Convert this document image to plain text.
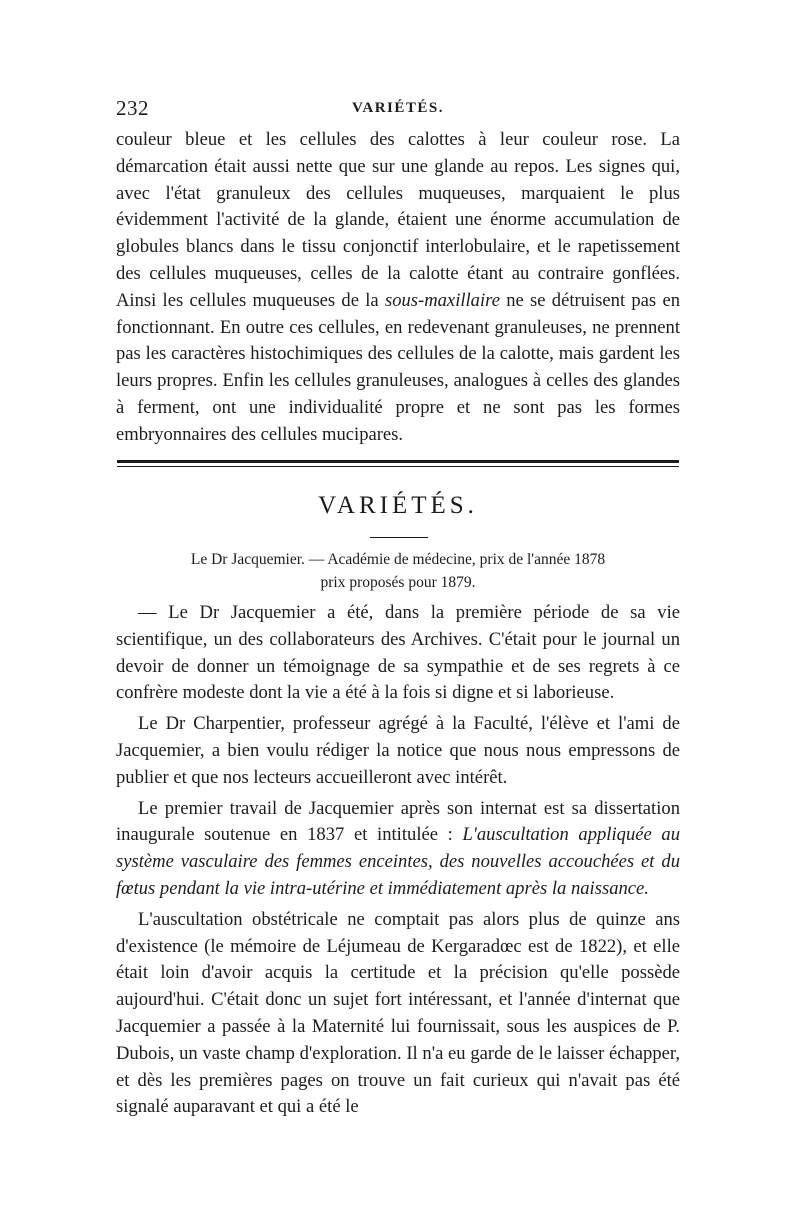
232	VARIÉTÉS.

couleur bleue et les cellules des calottes à leur couleur rose. La démarcation était aussi nette que sur une glande au repos. Les signes qui, avec l'état granuleux des cellules muqueuses, marquaient le plus évidemment l'activité de la glande, étaient une énorme accumulation de globules blancs dans le tissu conjonctif interlobulaire, et le rapetissement des cellules muqueuses, celles de la calotte étant au contraire gonflées. Ainsi les cellules muqueuses de la sous-maxillaire ne se détruisent pas en fonctionnant. En outre ces cellules, en redevenant granuleuses, ne prennent pas les caractères histochimiques des cellules de la calotte, mais gardent les leurs propres. Enfin les cellules granuleuses, analogues à celles des glandes à ferment, ont une individualité propre et ne sont pas les formes embryonnaires des cellules mucipares.

VARIÉTÉS.
Le Dr Jacquemier. — Académie de médecine, prix de l'année 1878
prix proposés pour 1879.

— Le Dr Jacquemier a été, dans la première période de sa vie scientifique, un des collaborateurs des Archives. C'était pour le journal un devoir de donner un témoignage de sa sympathie et de ses regrets à ce confrère modeste dont la vie a été à la fois si digne et si laborieuse.

Le Dr Charpentier, professeur agrégé à la Faculté, l'élève et l'ami de Jacquemier, a bien voulu rédiger la notice que nous nous empressons de publier et que nos lecteurs accueilleront avec intérêt.

Le premier travail de Jacquemier après son internat est sa dissertation inaugurale soutenue en 1837 et intitulée : L'auscultation appliquée au système vasculaire des femmes enceintes, des nouvelles accouchées et du fœtus pendant la vie intra-utérine et immédiatement après la naissance.

L'auscultation obstétricale ne comptait pas alors plus de quinze ans d'existence (le mémoire de Léjumeau de Kergaradœc est de 1822), et elle était loin d'avoir acquis la certitude et la précision qu'elle possède aujourd'hui. C'était donc un sujet fort intéressant, et l'année d'internat que Jacquemier a passée à la Maternité lui fournissait, sous les auspices de P. Dubois, un vaste champ d'exploration. Il n'a eu garde de le laisser échapper, et dès les premières pages on trouve un fait curieux qui n'avait pas été signalé auparavant et qui a été le
